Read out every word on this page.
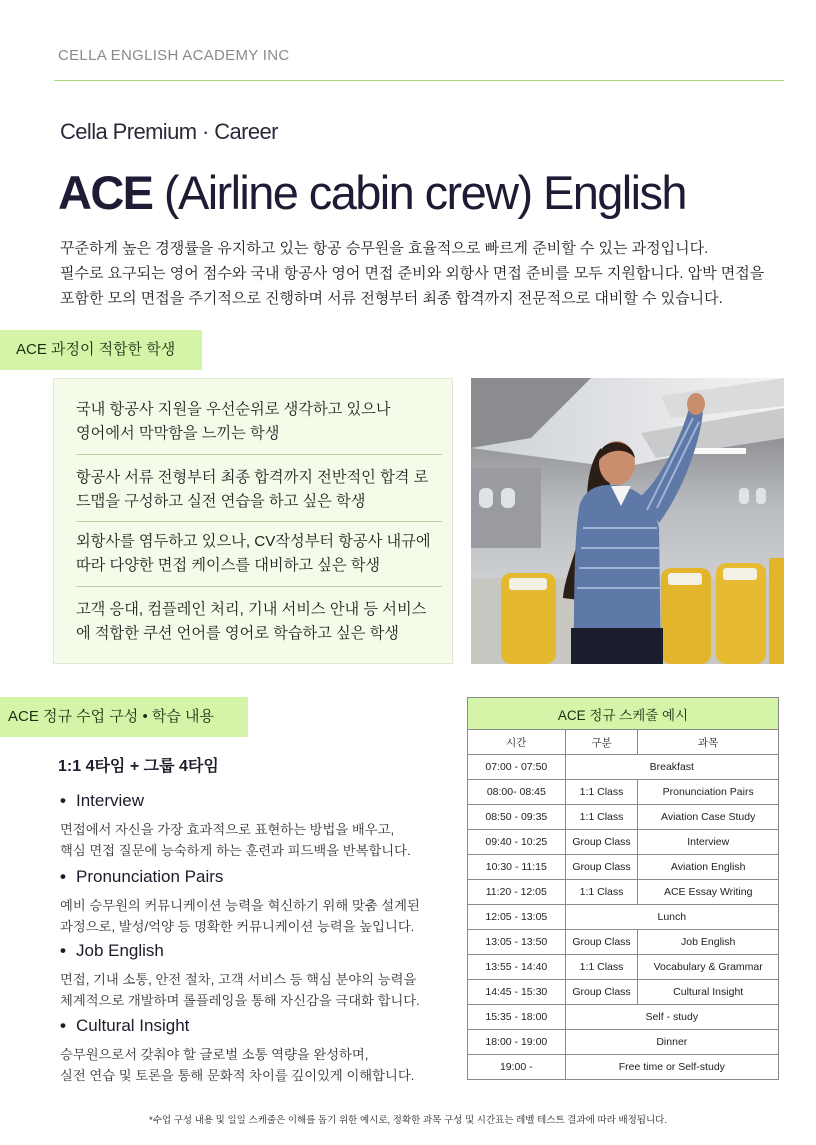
CELLA ENGLISH ACADEMY INC
Cella Premium · Career
ACE (Airline cabin crew) English

꾸준하게 높은 경쟁률을 유지하고 있는 항공 승무원을 효율적으로 빠르게 준비할 수 있는 과정입니다.

필수로 요구되는 영어 점수와 국내 항공사 영어 면접 준비와 외항사 면접 준비를 모두 지원합니다. 압박 면접을

포함한 모의 면접을 주기적으로 진행하며 서류 전형부터 최종 합격까지 전문적으로 대비할 수 있습니다.

ACE 과정이 적합한 학생
국내 항공사 지원을 우선순위로 생각하고 있으나
영어에서 막막함을 느끼는 학생
항공사 서류 전형부터 최종 합격까지 전반적인 합격 로
드맵을 구성하고 실전 연습을 하고 싶은 학생
외항사를 염두하고 있으나, CV작성부터 항공사 내규에
따라 다양한 면접 케이스를 대비하고 싶은 학생
고객 응대, 컴플레인 처리, 기내 서비스 안내 등 서비스
에 적합한 쿠션 언어를 영어로 학습하고 싶은 학생
ACE 정규 수업 구성 • 학습 내용
1:1 4타임 + 그룹 4타임
• Interview
면접에서 자신을 가장 효과적으로 표현하는 방법을 배우고,
핵심 면접 질문에 능숙하게 하는 훈련과 피드백을 반복합니다.
• Pronunciation Pairs
예비 승무원의 커뮤니케이션 능력을 혁신하기 위해 맞춤 설계된
과정으로, 발성/억양 등 명확한 커뮤니케이션 능력을 높입니다.
• Job English
면접, 기내 소통, 안전 절차, 고객 서비스 등 핵심 분야의 능력을
체계적으로 개발하며 롤플레잉을 통해 자신감을 극대화 합니다.
• Cultural Insight
승무원으로서 갖춰야 할 글로벌 소통 역량을 완성하며,
실전 연습 및 토론을 통해 문화적 차이를 깊이있게 이해합니다.
ACE 정규 스케줄 예시		
시간	구분	과목
07:00 - 07:50	Breakfast	
08:00- 08:45	1:1 Class	Pronunciation Pairs
08:50 - 09:35	1:1 Class	Aviation Case Study
09:40 - 10:25	Group Class	Interview
10:30 - 11:15	Group Class	Aviation English
11:20 - 12:05	1:1 Class	ACE Essay Writing
12:05 - 13:05	Lunch	
13:05 - 13:50	Group Class	Job English
13:55 - 14:40	1:1 Class	Vocabulary & Grammar
14:45 - 15:30	Group Class	Cultural Insight
15:35 - 18:00	Self - study	
18:00 - 19:00	Dinner	
19:00 -	Free time or Self-study	
*수업 구성 내용 및 일일 스케줄은 이해를 돕기 위한 예시로, 정확한 과목 구성 및 시간표는 레벨 테스트 결과에 따라 배정됩니다.
